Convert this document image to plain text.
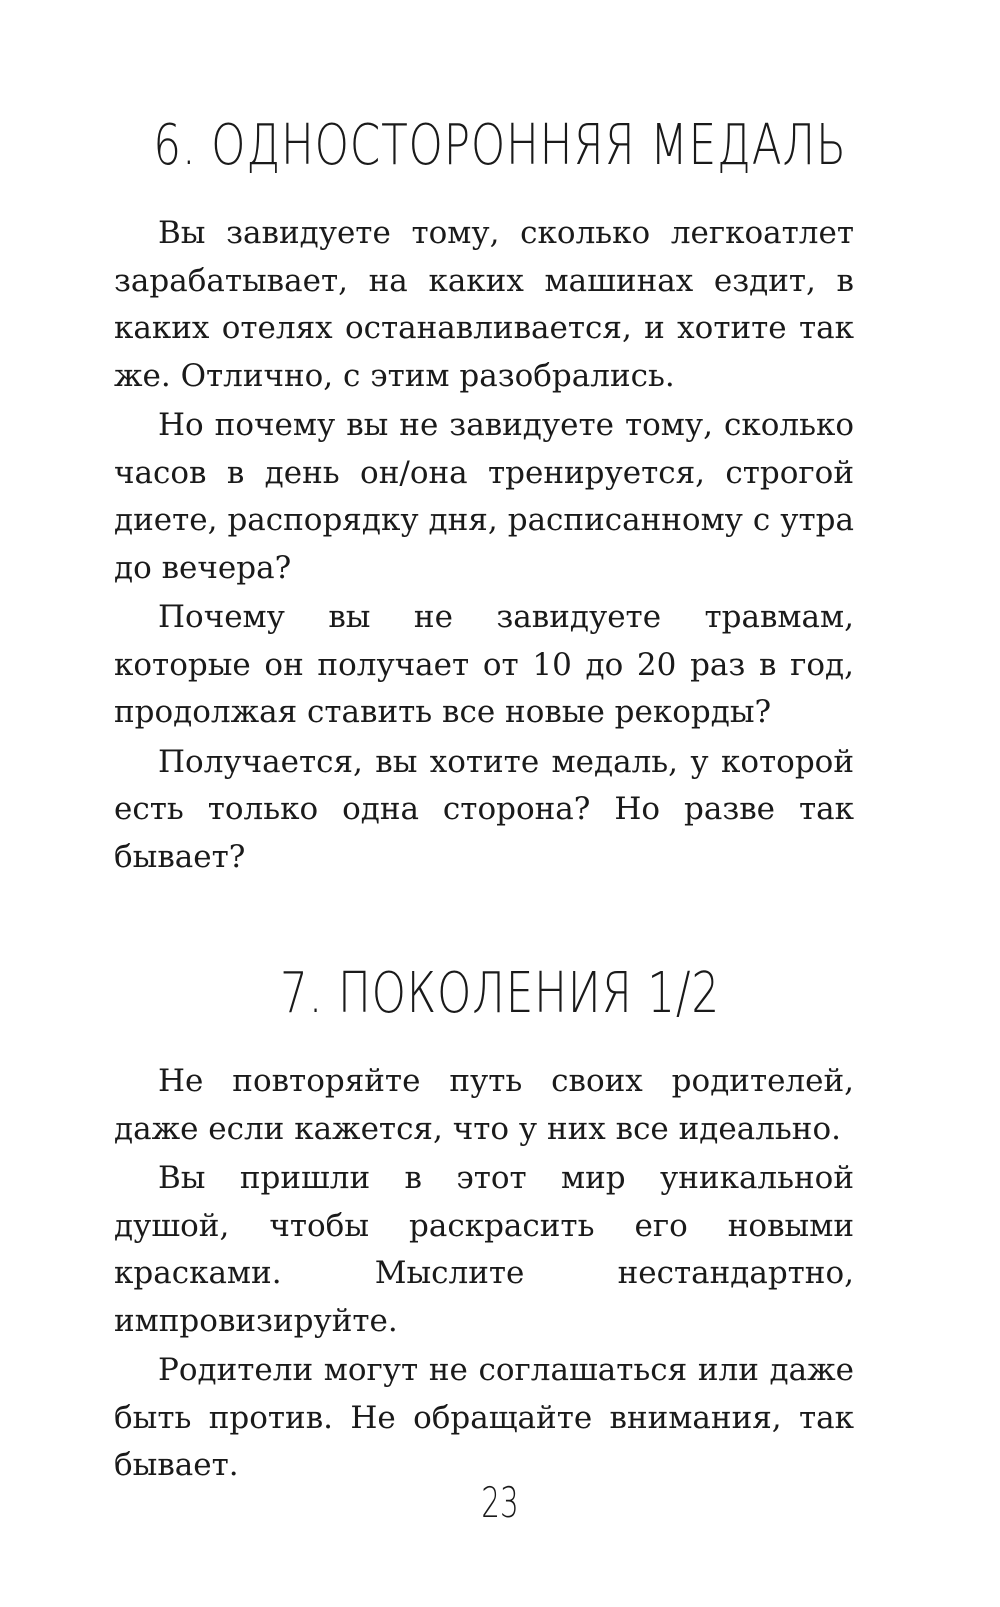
6. ОДНОСТОРОННЯЯ МЕДАЛЬ

Вы завидуете тому, сколько легкоатлет зарабатывает, на каких машинах ездит, в каких отелях останавливается, и хотите так же. Отлично, с этим разобрались.

Но почему вы не завидуете тому, сколько часов в день он/она тренируется, строгой диете, распорядку дня, расписанному с утра до вечера?

Почему вы не завидуете травмам, которые он получает от 10 до 20 раз в год, продолжая ставить все новые рекорды?

Получается, вы хотите медаль, у которой есть только одна сторона? Но разве так бывает?

7. ПОКОЛЕНИЯ 1/2

Не повторяйте путь своих родителей, даже если кажется, что у них все идеально.

Вы пришли в этот мир уникальной душой, чтобы раскрасить его новыми красками. Мыслите нестандартно, импровизируйте.

Родители могут не соглашаться или даже быть против. Не обращайте внимания, так бывает.

23
